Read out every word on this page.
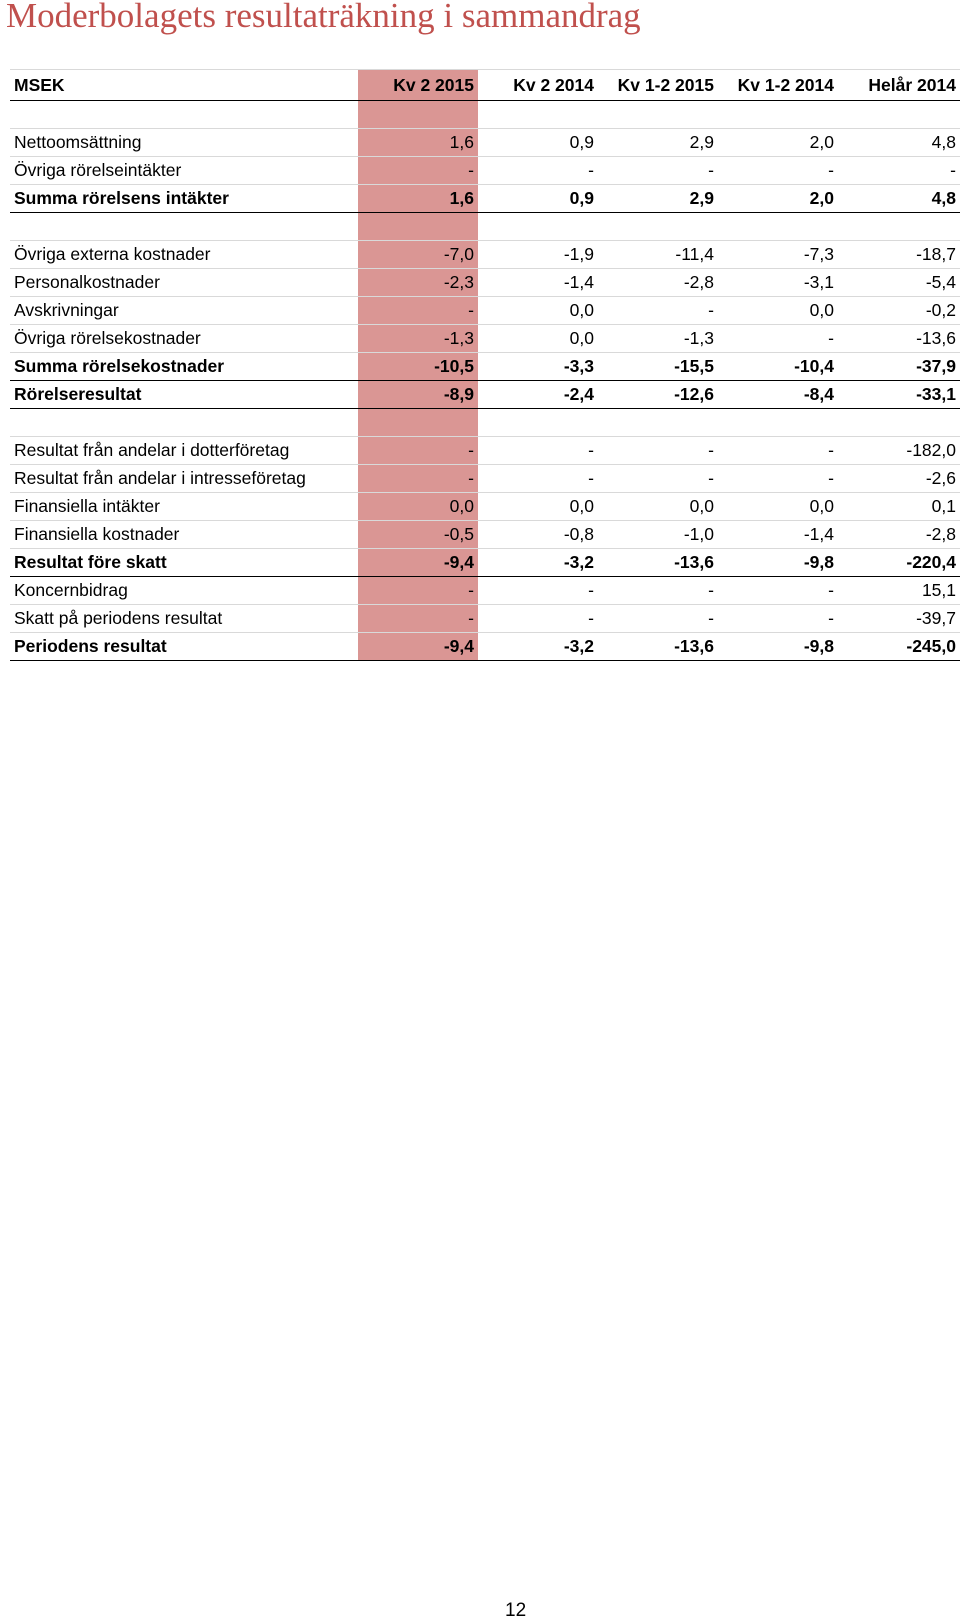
Moderbolagets resultaträkning i sammandrag
MSEK	Kv 2 2015	Kv 2 2014	Kv 1-2 2015	Kv 1-2 2014	Helår 2014

Nettoomsättning	1,6	0,9	2,9	2,0	4,8
Övriga rörelseintäkter	-	-	-	-	-
Summa rörelsens intäkter	1,6	0,9	2,9	2,0	4,8

Övriga externa kostnader	-7,0	-1,9	-11,4	-7,3	-18,7
Personalkostnader	-2,3	-1,4	-2,8	-3,1	-5,4
Avskrivningar	-	0,0	-	0,0	-0,2
Övriga rörelsekostnader	-1,3	0,0	-1,3	-	-13,6
Summa rörelsekostnader	-10,5	-3,3	-15,5	-10,4	-37,9
Rörelseresultat	-8,9	-2,4	-12,6	-8,4	-33,1

Resultat från andelar i dotterföretag	-	-	-	-	-182,0
Resultat från andelar i intresseföretag	-	-	-	-	-2,6
Finansiella intäkter	0,0	0,0	0,0	0,0	0,1
Finansiella kostnader	-0,5	-0,8	-1,0	-1,4	-2,8
Resultat före skatt	-9,4	-3,2	-13,6	-9,8	-220,4
Koncernbidrag	-	-	-	-	15,1
Skatt på periodens resultat	-	-	-	-	-39,7
Periodens resultat	-9,4	-3,2	-13,6	-9,8	-245,0
12
